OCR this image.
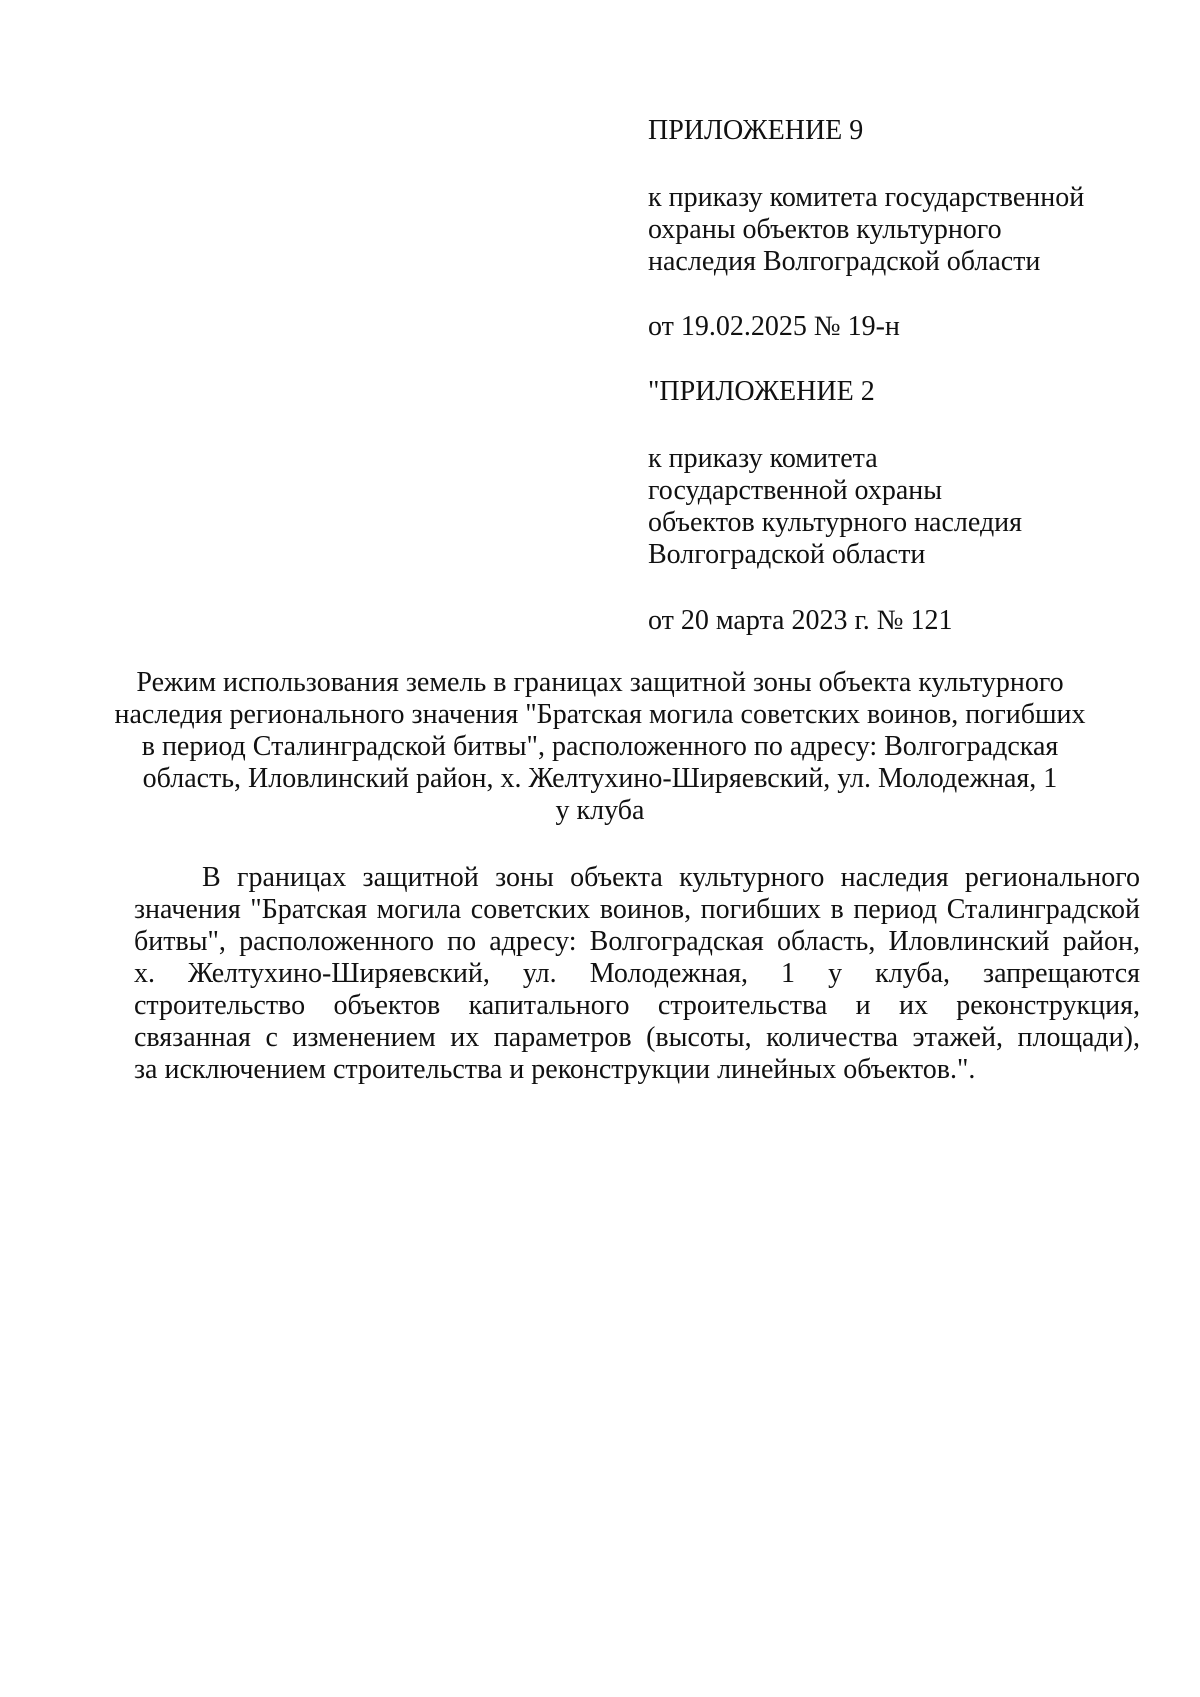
ПРИЛОЖЕНИЕ 9

к приказу комитета государственной
охраны объектов культурного
наследия Волгоградской области

от 19.02.2025 № 19-н

"ПРИЛОЖЕНИЕ 2

к приказу комитета
государственной охраны
объектов культурного наследия
Волгоградской области

от 20 марта 2023 г. № 121

Режим использования земель в границах защитной зоны объекта культурного
наследия регионального значения "Братская могила советских воинов, погибших
в период Сталинградской битвы", расположенного по адресу: Волгоградская
область, Иловлинский район, х. Желтухино-Ширяевский, ул. Молодежная, 1
у клуба
В границах защитной зоны объекта культурного наследия регионального
значения "Братская могила советских воинов, погибших в период Сталинградской
битвы", расположенного по адресу: Волгоградская область, Иловлинский район,
х. Желтухино-Ширяевский, ул. Молодежная, 1 у клуба, запрещаются
строительство объектов капитального строительства и их реконструкция,
связанная с изменением их параметров (высоты, количества этажей, площади),
за исключением строительства и реконструкции линейных объектов.".
